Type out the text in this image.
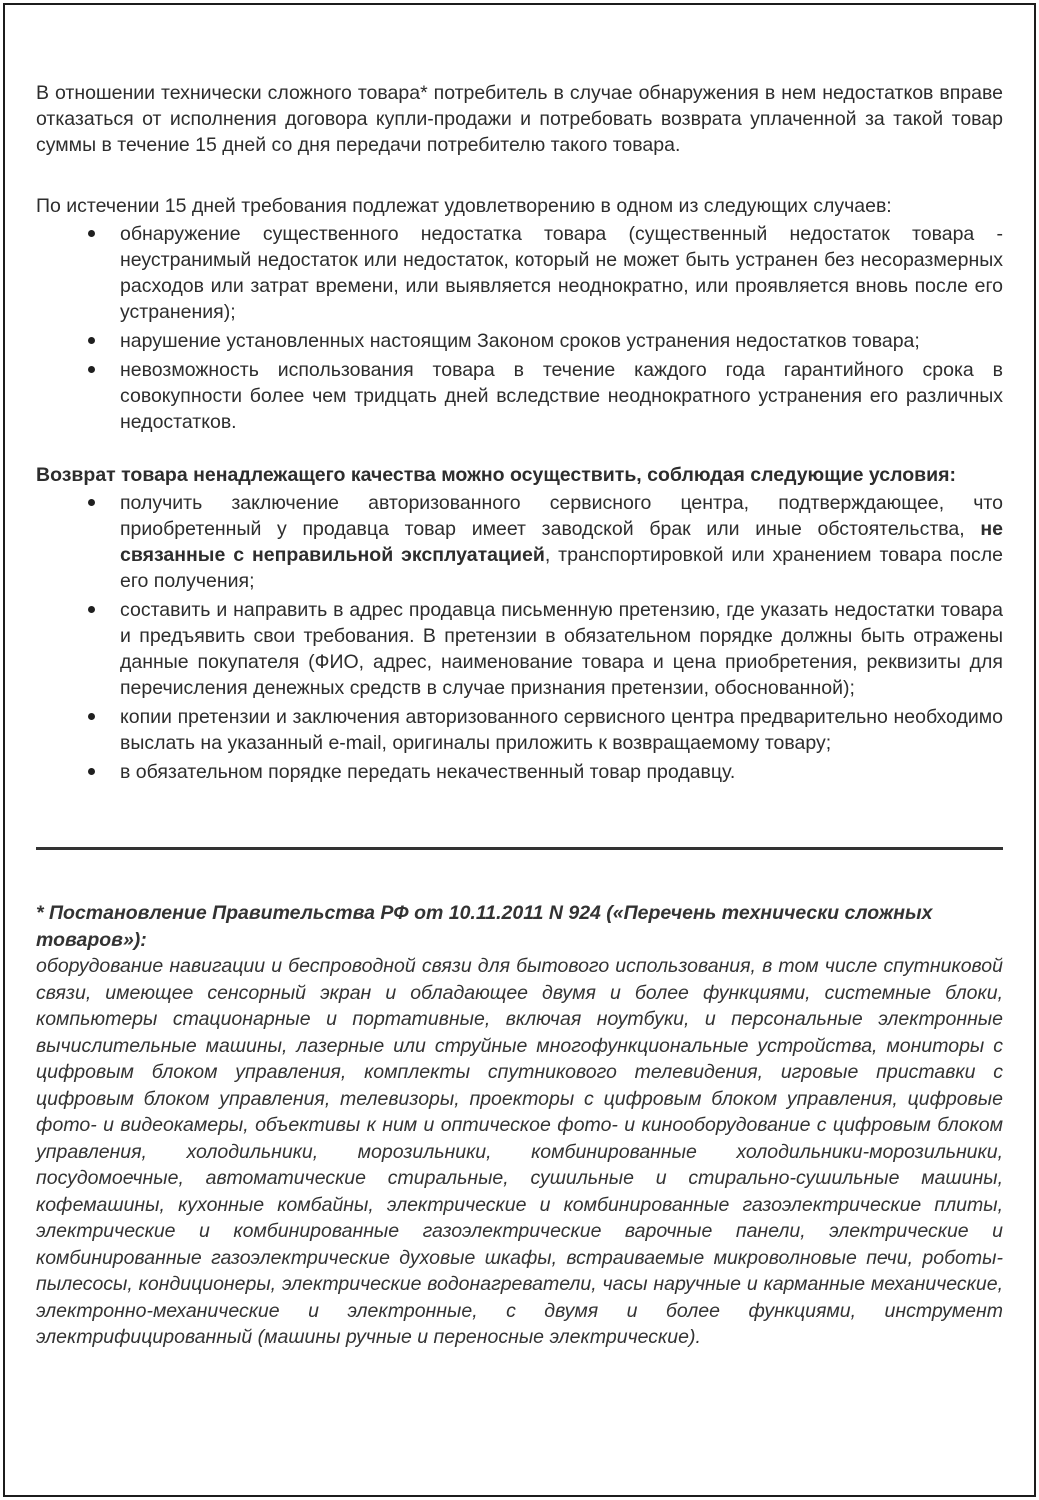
В отношении технически сложного товара* потребитель в случае обнаружения в нем недостатков вправе отказаться от исполнения договора купли-продажи и потребовать возврата уплаченной за такой товар суммы в течение 15 дней со дня передачи потребителю такого товара.

По истечении 15 дней требования подлежат удовлетворению в одном из следующих случаев:

обнаружение существенного недостатка товара (существенный недостаток товара - неустранимый недостаток или недостаток, который не может быть устранен без несоразмерных расходов или затрат времени, или выявляется неоднократно, или проявляется вновь после его устранения);
нарушение установленных настоящим Законом сроков устранения недостатков товара;
невозможность использования товара в течение каждого года гарантийного срока в совокупности более чем тридцать дней вследствие неоднократного устранения его различных недостатков.

Возврат товара ненадлежащего качества можно осуществить, соблюдая следующие условия:

получить заключение авторизованного сервисного центра, подтверждающее, что приобретенный у продавца товар имеет заводской брак или иные обстоятельства, не связанные с неправильной эксплуатацией, транспортировкой или хранением товара после его получения;
составить и направить в адрес продавца письменную претензию, где указать недостатки товара и предъявить свои требования. В претензии в обязательном порядке должны быть отражены данные покупателя (ФИО, адрес, наименование товара и цена приобретения, реквизиты для перечисления денежных средств в случае признания претензии, обоснованной);
копии претензии и заключения авторизованного сервисного центра предварительно необходимо выслать на указанный e-mail, оригиналы приложить к возвращаемому товару;
в обязательном порядке передать некачественный товар продавцу.
* Постановление Правительства РФ от 10.11.2011 N 924 («Перечень технически сложных товаров»):
оборудование навигации и беспроводной связи для бытового использования, в том числе спутниковой связи, имеющее сенсорный экран и обладающее двумя и более функциями, системные блоки, компьютеры стационарные и портативные, включая ноутбуки, и персональные электронные вычислительные машины, лазерные или струйные многофункциональные устройства, мониторы с цифровым блоком управления, комплекты спутникового телевидения, игровые приставки с цифровым блоком управления, телевизоры, проекторы с цифровым блоком управления, цифровые фото- и видеокамеры, объективы к ним и оптическое фото- и кинооборудование с цифровым блоком управления, холодильники, морозильники, комбинированные холодильники-морозильники, посудомоечные, автоматические стиральные, сушильные и стирально-сушильные машины, кофемашины, кухонные комбайны, электрические и комбинированные газоэлектрические плиты, электрические и комбинированные газоэлектрические варочные панели, электрические и комбинированные газоэлектрические духовые шкафы, встраиваемые микроволновые печи, роботы-пылесосы, кондиционеры, электрические водонагреватели, часы наручные и карманные механические, электронно-механические и электронные, с двумя и более функциями, инструмент электрифицированный (машины ручные и переносные электрические).
